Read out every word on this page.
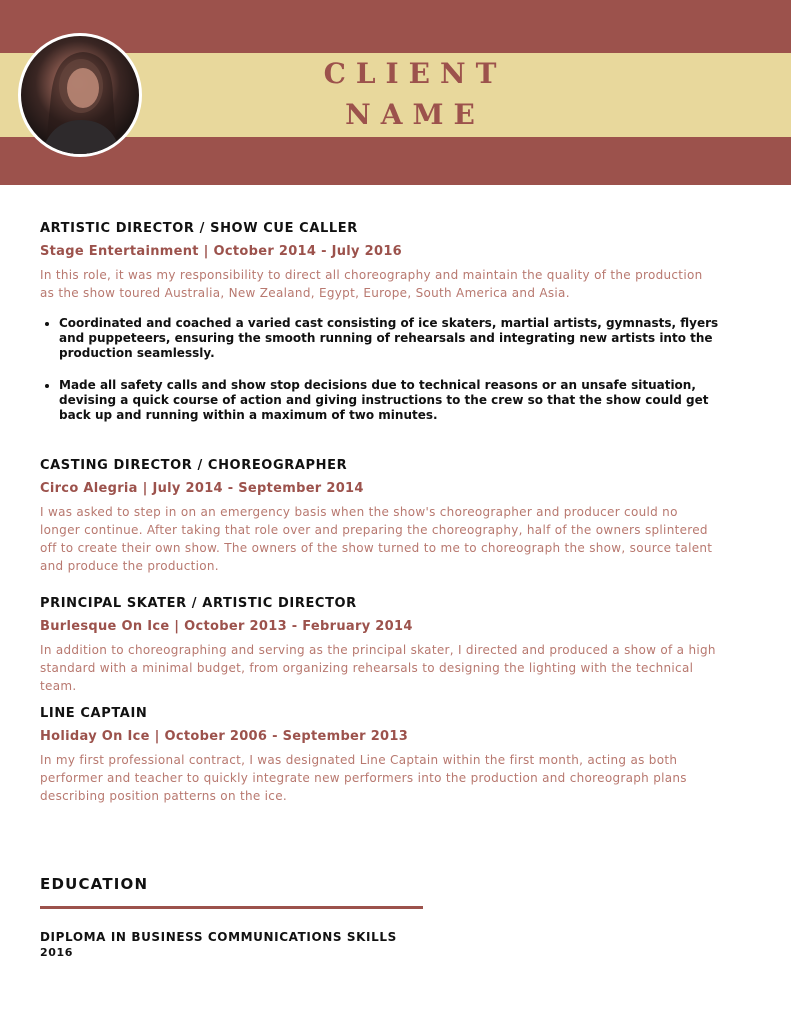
CLIENT
NAME
ARTISTIC DIRECTOR / SHOW CUE CALLER
Stage Entertainment | October 2014 - July 2016
In this role, it was my responsibility to direct all choreography and maintain the quality of the production as the show toured Australia, New Zealand, Egypt, Europe, South America and Asia.
• Coordinated and coached a varied cast consisting of ice skaters, martial artists, gymnasts, flyers and puppeteers, ensuring the smooth running of rehearsals and integrating new artists into the production seamlessly.
• Made all safety calls and show stop decisions due to technical reasons or an unsafe situation, devising a quick course of action and giving instructions to the crew so that the show could get back up and running within a maximum of two minutes.
CASTING DIRECTOR / CHOREOGRAPHER
Circo Alegria | July 2014 - September 2014
I was asked to step in on an emergency basis when the show's choreographer and producer could no longer continue. After taking that role over and preparing the choreography, half of the owners splintered off to create their own show. The owners of the show turned to me to choreograph the show, source talent and produce the production.
PRINCIPAL SKATER / ARTISTIC DIRECTOR
Burlesque On Ice | October 2013 - February 2014
In addition to choreographing and serving as the principal skater, I directed and produced a show of a high standard with a minimal budget, from organizing rehearsals to designing the lighting with the technical team.
LINE CAPTAIN
Holiday On Ice | October 2006 - September 2013
In my first professional contract, I was designated Line Captain within the first month, acting as both performer and teacher to quickly integrate new performers into the production and choreograph plans describing position patterns on the ice.
EDUCATION
DIPLOMA IN BUSINESS COMMUNICATIONS SKILLS
2016
